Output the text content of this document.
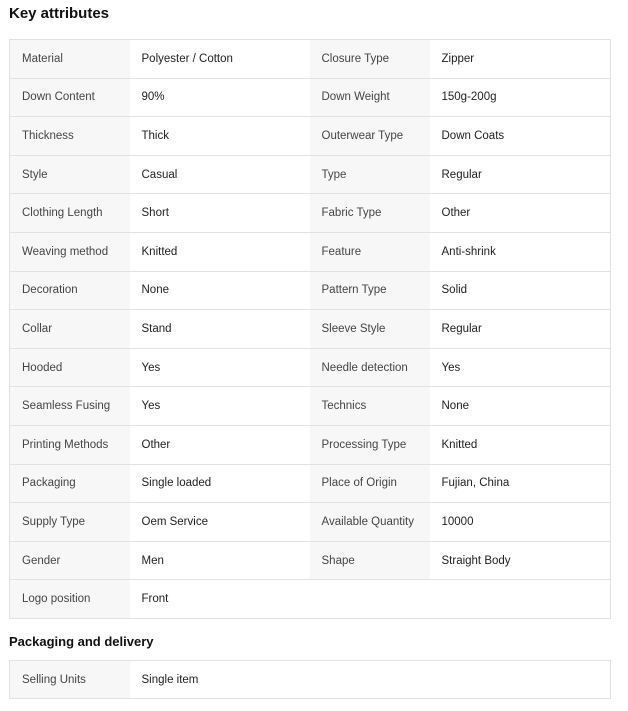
Key attributes
Material	Polyester / Cotton	Closure Type	Zipper
Down Content	90%	Down Weight	150g-200g
Thickness	Thick	Outerwear Type	Down Coats
Style	Casual	Type	Regular
Clothing Length	Short	Fabric Type	Other
Weaving method	Knitted	Feature	Anti-shrink
Decoration	None	Pattern Type	Solid
Collar	Stand	Sleeve Style	Regular
Hooded	Yes	Needle detection	Yes
Seamless Fusing	Yes	Technics	None
Printing Methods	Other	Processing Type	Knitted
Packaging	Single loaded	Place of Origin	Fujian, China
Supply Type	Oem Service	Available Quantity	10000
Gender	Men	Shape	Straight Body
Logo position	Front		
Packaging and delivery
Selling Units	Single item		
